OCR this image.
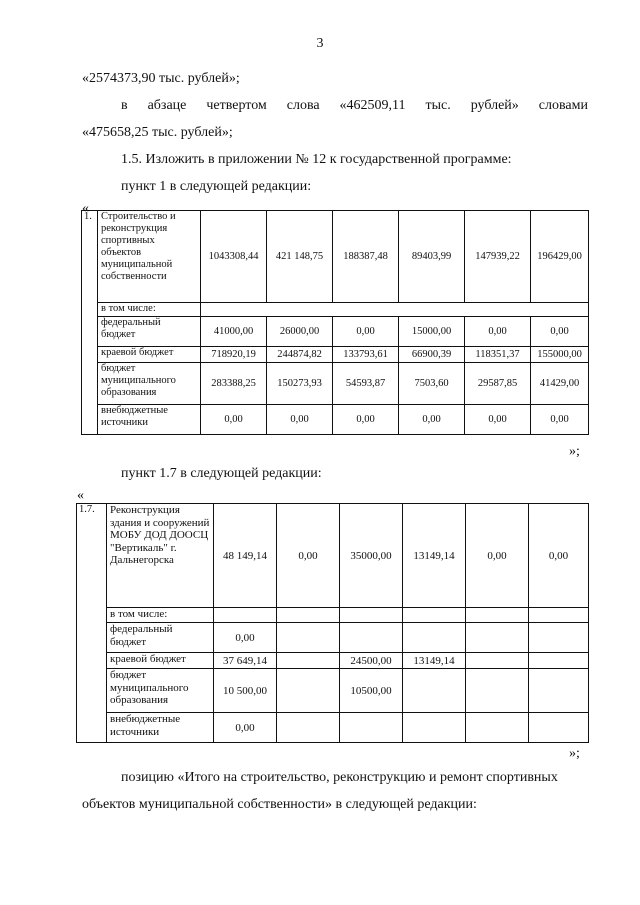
3
«2574373,90 тыс. рублей»;
в абзаце четвертом слова «462509,11 тыс. рублей» словами
«475658,25 тыс. рублей»;
1.5. Изложить в приложении № 12 к государственной программе:
пункт 1 в следующей редакции:
«
1.	Строительство и реконструкция спортивных объектов муниципальной собственности	1043308,44	421 148,75	188387,48	89403,99	147939,22	196429,00
	в том числе:						
	федеральный бюджет	41000,00	26000,00	0,00	15000,00	0,00	0,00
	краевой бюджет	718920,19	244874,82	133793,61	66900,39	118351,37	155000,00
	бюджет муниципального образования	283388,25	150273,93	54593,87	7503,60	29587,85	41429,00
	внебюджетные источники	0,00	0,00	0,00	0,00	0,00	0,00
»;
пункт 1.7 в следующей редакции:
«
1.7.	Реконструкция здания и сооружений МОБУ ДОД ДООСЦ "Вертикаль" г. Дальнегорска	48 149,14	0,00	35000,00	13149,14	0,00	0,00
	в том числе:						
	федеральный бюджет	0,00					
	краевой бюджет	37 649,14		24500,00	13149,14		
	бюджет муниципального образования	10 500,00		10500,00			
	внебюджетные источники	0,00					
»;
позицию «Итого на строительство, реконструкцию и ремонт спортивных
объектов муниципальной собственности» в следующей редакции:
